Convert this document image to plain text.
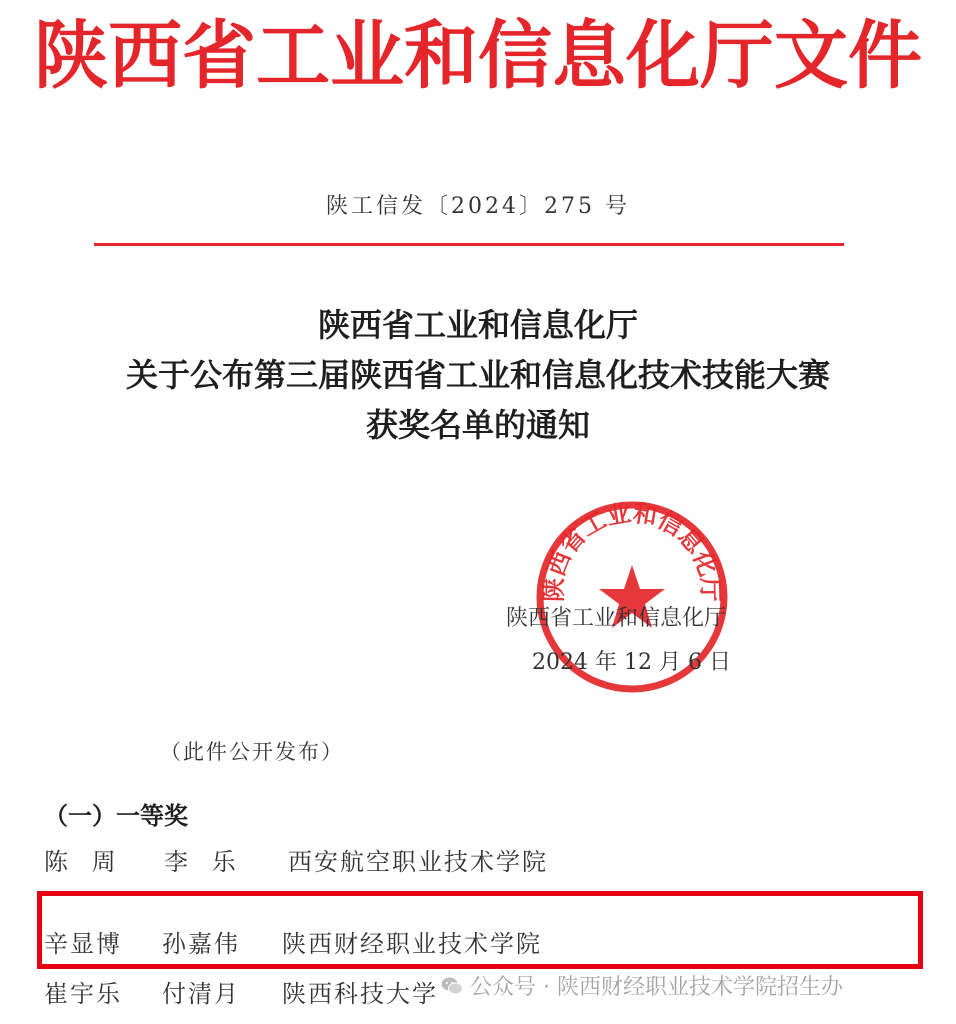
陕西省工业和信息化厅文件
陕工信发〔2024〕275 号
陕西省工业和信息化厅
关于公布第三届陕西省工业和信息化技术技能大赛
获奖名单的通知
陕西省工业和信息化厅
陕西省工业和信息化厅
2024 年 12 月 6 日
（此件公开发布）
（一）一等奖
陈 周 李 乐 西安航空职业技术学院
辛显博 孙嘉伟 陕西财经职业技术学院
崔宇乐 付清月 陕西科技大学	公众号 · 陕西财经职业技术学院招生办
